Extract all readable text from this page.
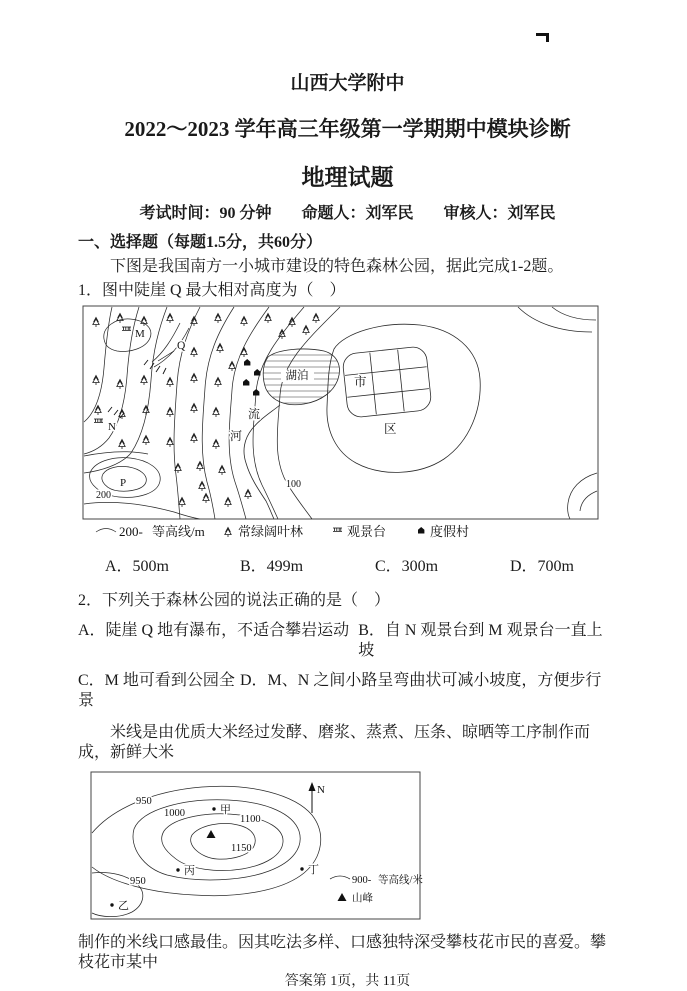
山西大学附中
2022～2023 学年高三年级第一学期期中模块诊断
地理试题
考试时间：90 分钟 命题人：刘军民 审核人：刘军民
一、选择题（每题1.5分，共60分）

下图是我国南方一小城市建设的特色森林公园，据此完成1-2题。

1．图中陡崖 Q 最大相对高度为（　）

湖泊	市
区
河
流
M
N
Q
P
200
100
200- 等高线/m	常绿阔叶林	观景台	度假村
A．500m	B．499m	C．300m	D．700m

2．下列关于森林公园的说法正确的是（　）

A．陡崖 Q 地有瀑布，不适合攀岩运动 B．自 N 观景台到 M 观景台一直上坡
C．M 地可看到公园全景
D．M、N 之间小路呈弯曲状可减小坡度，方便步行

米线是由优质大米经过发酵、磨浆、蒸煮、压条、晾晒等工序制作而成，新鲜大米

N
950
1000
1100
1150
950
甲
丙
乙
丁
900- 等高线/米
山峰

制作的米线口感最佳。因其吃法多样、口感独特深受攀枝花市民的喜爱。攀枝花市某中

答案第 1页，共 11页
